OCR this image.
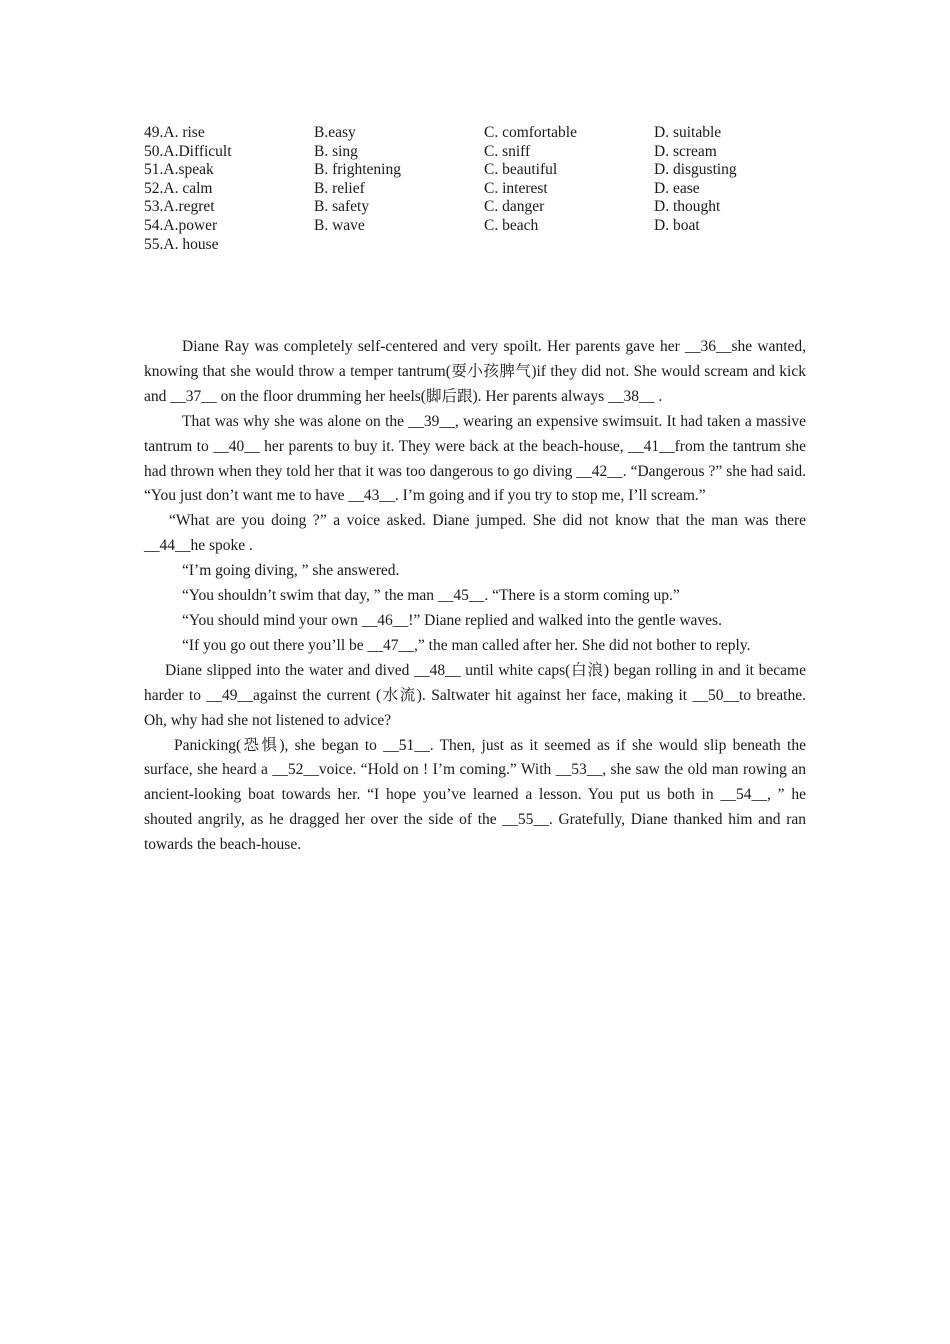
49.A. rise	B.easy	C. comfortable	D. suitable
50.A.Difficult	B. sing	C. sniff	D. scream
51.A.speak	B. frightening	C. beautiful	D. disgusting
52.A. calm	B. relief	C. interest	D. ease
53.A.regret	B. safety	C. danger	D. thought
54.A.power	B. wave	C. beach	D. boat
55.A. house

Diane Ray was completely self-centered and very spoilt. Her parents gave her __36__she wanted, knowing that she would throw a temper tantrum(耍小孩脾气)if they did not. She would scream and kick and __37__ on the floor drumming her heels(脚后跟). Her parents always __38__ .

That was why she was alone on the __39__, wearing an expensive swimsuit. It had taken a massive tantrum to __40__ her parents to buy it. They were back at the beach-house, __41__from the tantrum she had thrown when they told her that it was too dangerous to go diving __42__. “Dangerous ?” she had said. “You just don’t want me to have __43__. I’m going and if you try to stop me, I’ll scream.”

“What are you doing ?” a voice asked. Diane jumped. She did not know that the man was there __44__he spoke .

“I’m going diving, ” she answered.

“You shouldn’t swim that day, ” the man __45__. “There is a storm coming up.”

“You should mind your own __46__!” Diane replied and walked into the gentle waves.

“If you go out there you’ll be __47__,” the man called after her. She did not bother to reply.

Diane slipped into the water and dived __48__ until white caps(白浪) began rolling in and it became harder to __49__against the current (水流). Saltwater hit against her face, making it __50__to breathe. Oh, why had she not listened to advice?

Panicking(恐惧), she began to __51__. Then, just as it seemed as if she would slip beneath the surface, she heard a __52__voice. “Hold on ! I’m coming.” With __53__, she saw the old man rowing an ancient-looking boat towards her. “I hope you’ve learned a lesson. You put us both in __54__, ” he shouted angrily, as he dragged her over the side of the __55__. Gratefully, Diane thanked him and ran towards the beach-house.
